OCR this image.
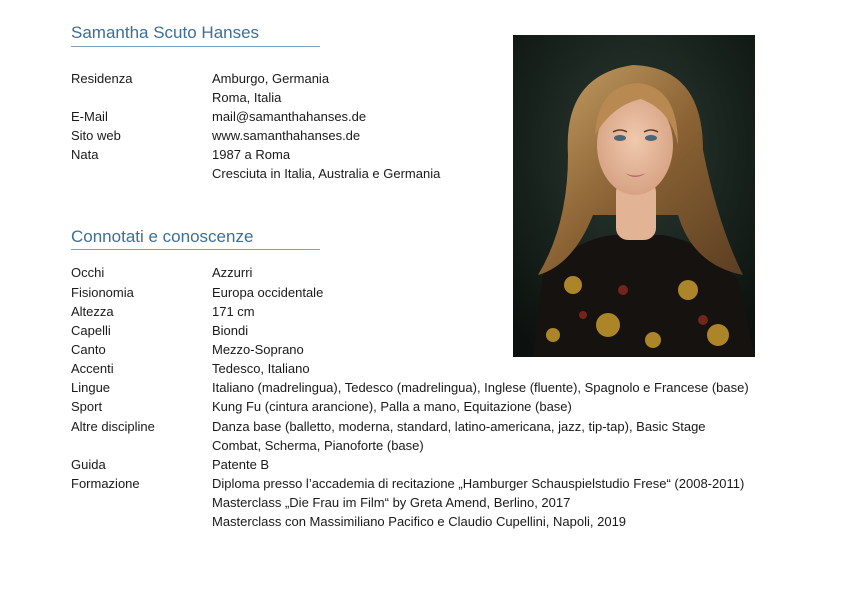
Samantha Scuto Hanses
Residenza	Amburgo, Germania
Roma, Italia
E-Mail	mail@samanthahanses.de
Sito web	www.samanthahanses.de
Nata	1987 a Roma
Cresciuta in Italia, Australia e Germania
Connotati e conoscenze
Occhi	Azzurri
Fisionomia	Europa occidentale
Altezza	171 cm
Capelli	Biondi
Canto	Mezzo-Soprano
Accenti	Tedesco, Italiano
Lingue	Italiano (madrelingua), Tedesco (madrelingua), Inglese (fluente), Spagnolo e Francese (base)
Sport	Kung Fu (cintura arancione), Palla a mano, Equitazione (base)
Altre discipline	Danza base (balletto, moderna, standard, latino-americana, jazz, tip-tap), Basic Stage
Combat, Scherma, Pianoforte (base)
Guida	Patente B
Formazione	Diploma presso l’accademia di recitazione „Hamburger Schauspielstudio Frese“ (2008-2011)
Masterclass „Die Frau im Film“ by Greta Amend, Berlino, 2017
Masterclass con Massimiliano Pacifico e Claudio Cupellini, Napoli, 2019
